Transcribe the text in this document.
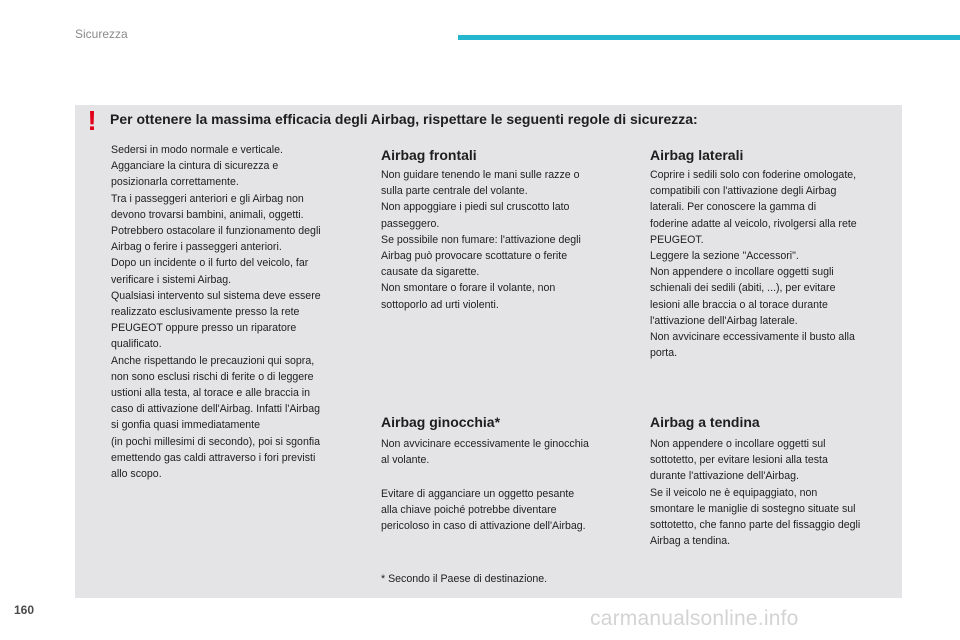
Sicurezza
! Per ottenere la massima efficacia degli Airbag, rispettare le seguenti regole di sicurezza:

Sedersi in modo normale e verticale.

Agganciare la cintura di sicurezza e

posizionarla correttamente.

Tra i passeggeri anteriori e gli Airbag non

devono trovarsi bambini, animali, oggetti.

Potrebbero ostacolare il funzionamento degli

Airbag o ferire i passeggeri anteriori.

Dopo un incidente o il furto del veicolo, far

verificare i sistemi Airbag.

Qualsiasi intervento sul sistema deve essere

realizzato esclusivamente presso la rete

PEUGEOT oppure presso un riparatore

qualificato.

Anche rispettando le precauzioni qui sopra,

non sono esclusi rischi di ferite o di leggere

ustioni alla testa, al torace e alle braccia in

caso di attivazione dell'Airbag. Infatti l'Airbag

si gonfia quasi immediatamente

(in pochi millesimi di secondo), poi si sgonfia

emettendo gas caldi attraverso i fori previsti

allo scopo.

Airbag frontali

Non guidare tenendo le mani sulle razze o

sulla parte centrale del volante.

Non appoggiare i piedi sul cruscotto lato

passeggero.

Se possibile non fumare: l'attivazione degli

Airbag può provocare scottature o ferite

causate da sigarette.

Non smontare o forare il volante, non

sottoporlo ad urti violenti.

Airbag laterali

Coprire i sedili solo con foderine omologate,

compatibili con l'attivazione degli Airbag

laterali. Per conoscere la gamma di

foderine adatte al veicolo, rivolgersi alla rete

PEUGEOT.

Leggere la sezione "Accessori".

Non appendere o incollare oggetti sugli

schienali dei sedili (abiti, ...), per evitare

lesioni alle braccia o al torace durante

l'attivazione dell'Airbag laterale.

Non avvicinare eccessivamente il busto alla

porta.

Airbag ginocchia*

Non avvicinare eccessivamente le ginocchia

al volante.

Evitare di agganciare un oggetto pesante

alla chiave poiché potrebbe diventare

pericoloso in caso di attivazione dell'Airbag.

Airbag a tendina

Non appendere o incollare oggetti sul

sottotetto, per evitare lesioni alla testa

durante l'attivazione dell'Airbag.

Se il veicolo ne è equipaggiato, non

smontare le maniglie di sostegno situate sul

sottotetto, che fanno parte del fissaggio degli

Airbag a tendina.

* Secondo il Paese di destinazione.
160	carmanualsonline.info
